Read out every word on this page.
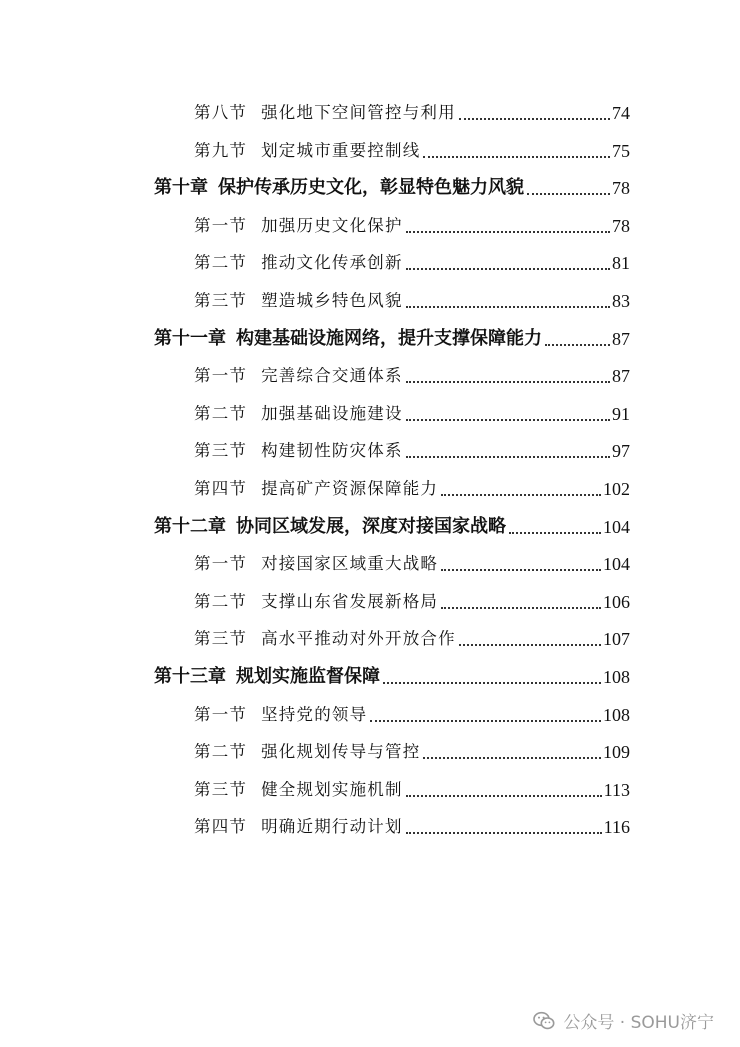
第八节 强化地下空间管控与利用	74
第九节 划定城市重要控制线	75
第十章 保护传承历史文化，彰显特色魅力风貌	78
第一节 加强历史文化保护	78
第二节 推动文化传承创新	81
第三节 塑造城乡特色风貌	83
第十一章 构建基础设施网络，提升支撑保障能力	87
第一节 完善综合交通体系	87
第二节 加强基础设施建设	91
第三节 构建韧性防灾体系	97
第四节 提高矿产资源保障能力	102
第十二章 协同区域发展，深度对接国家战略	104
第一节 对接国家区域重大战略	104
第二节 支撑山东省发展新格局	106
第三节 高水平推动对外开放合作	107
第十三章 规划实施监督保障	108
第一节 坚持党的领导	108
第二节 强化规划传导与管控	109
第三节 健全规划实施机制	113
第四节 明确近期行动计划	116
公众号 · SOHU济宁
